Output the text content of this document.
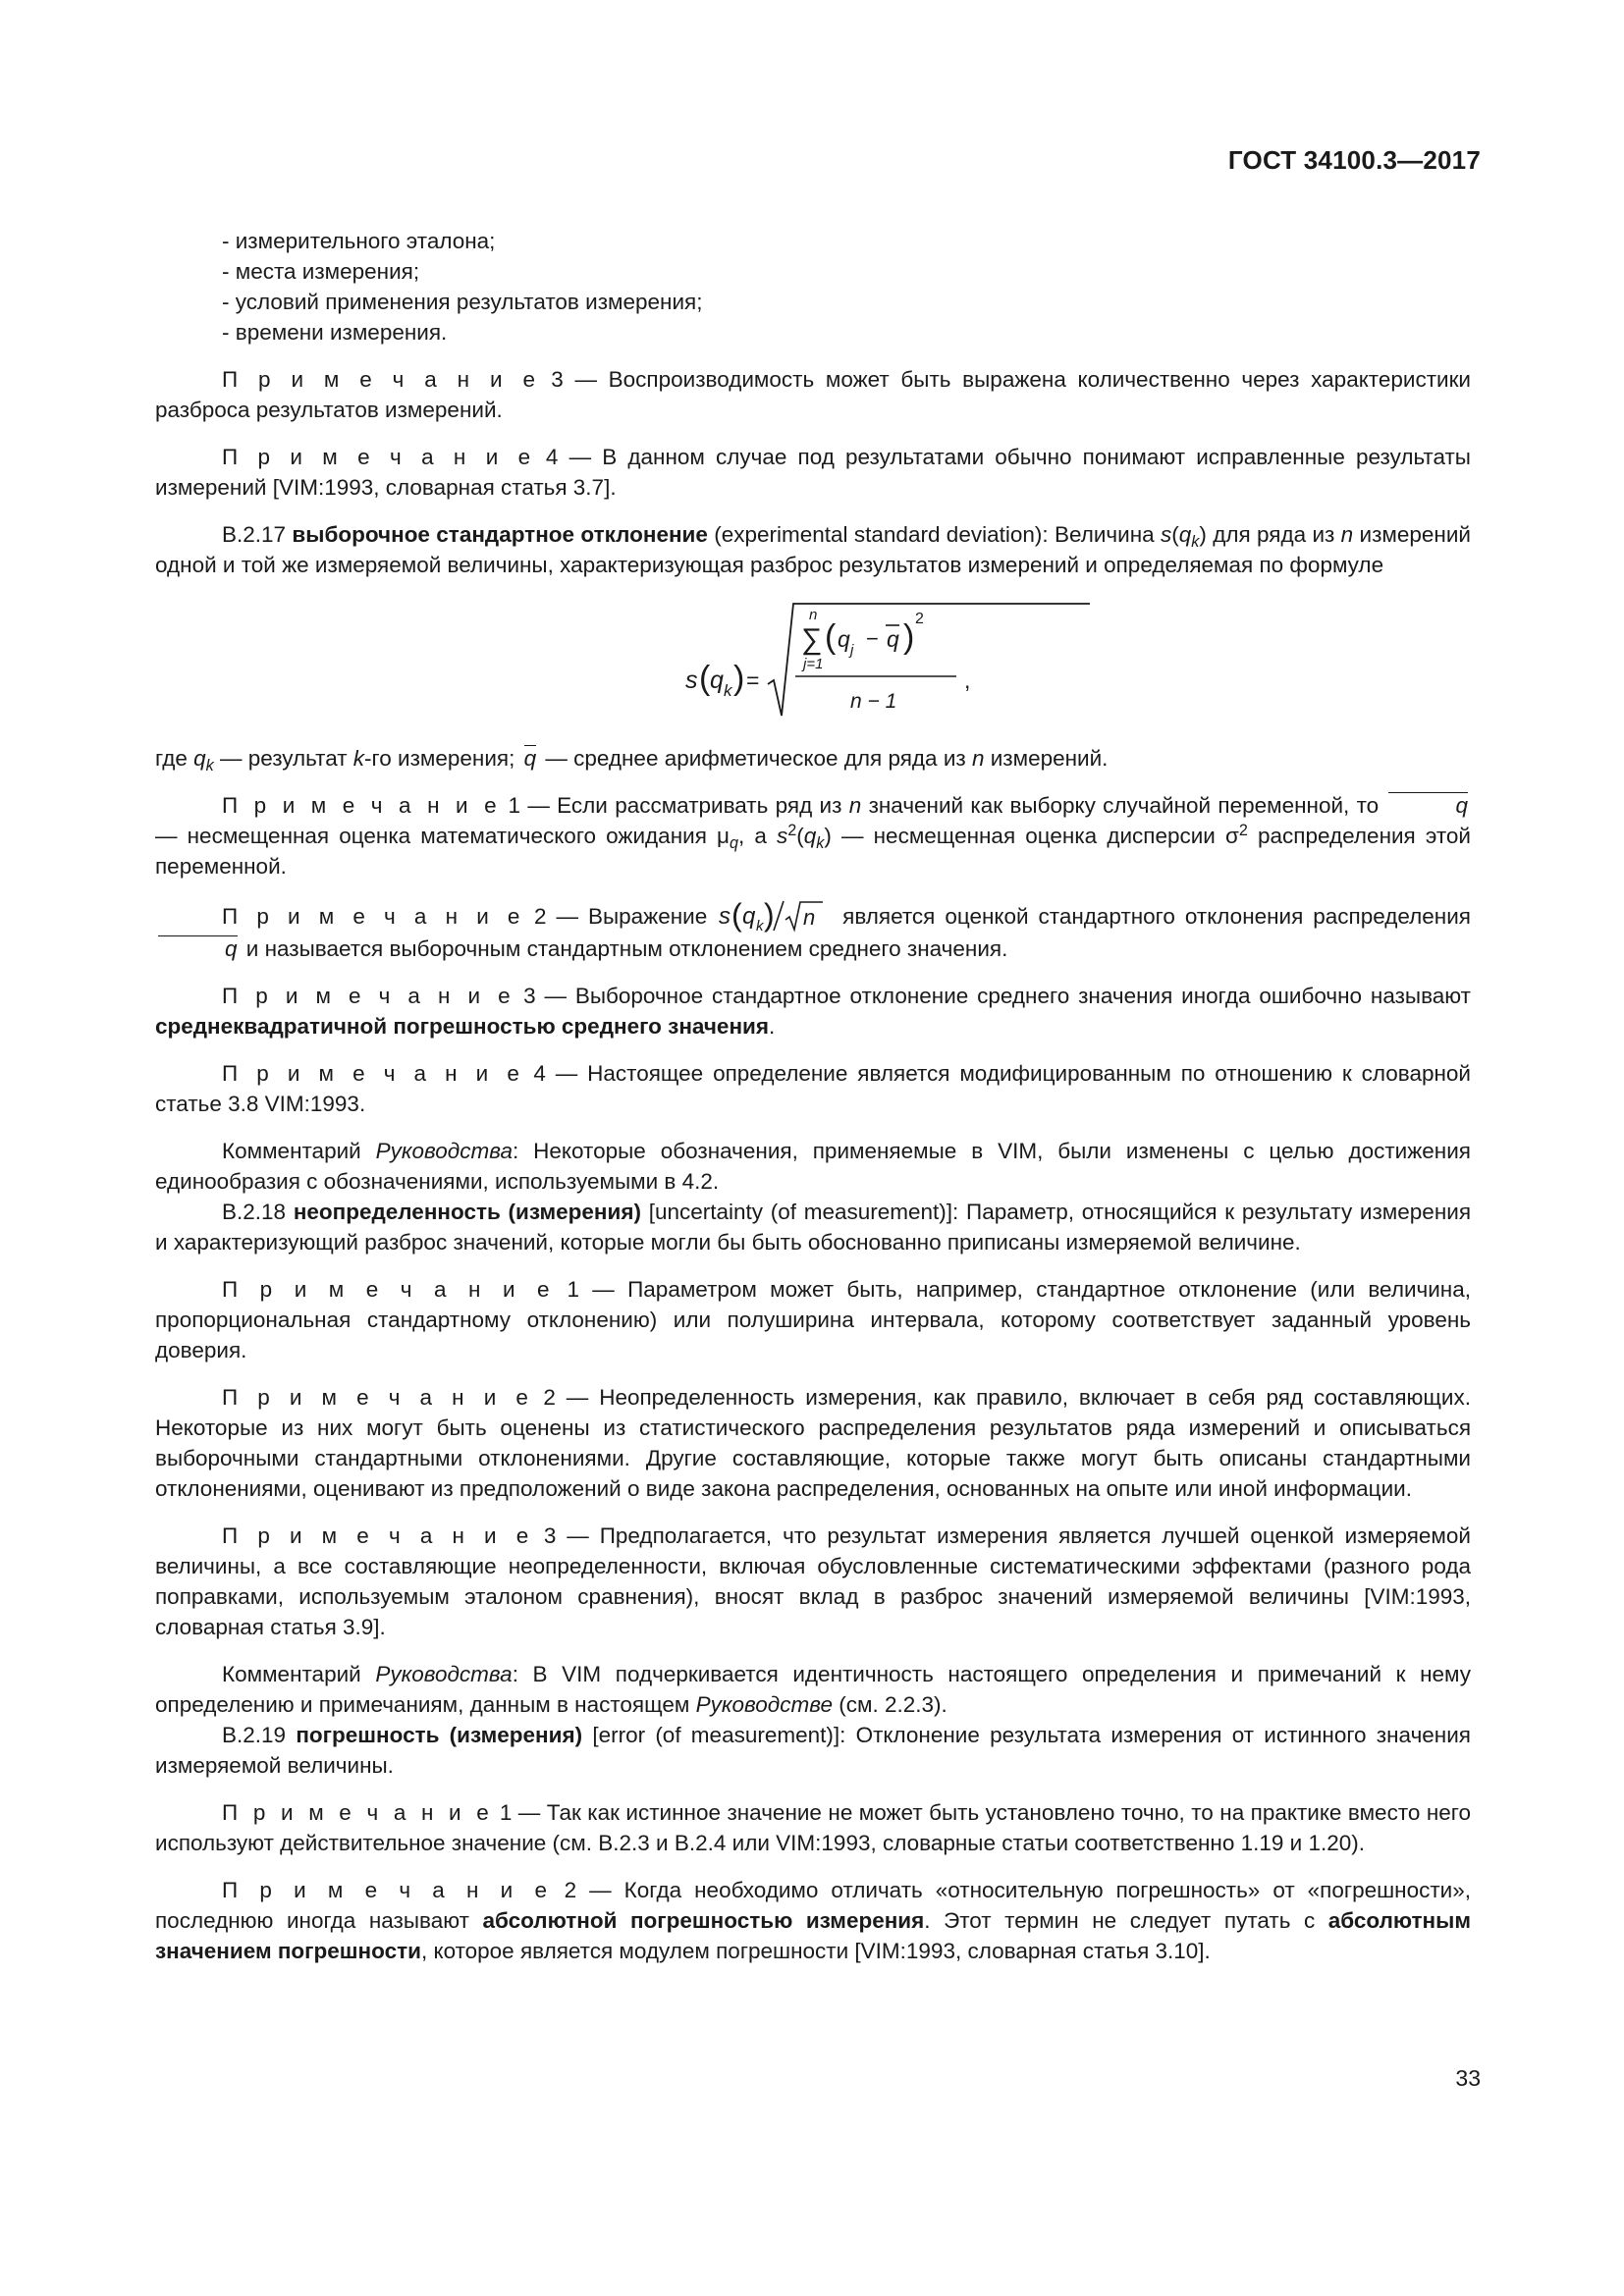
ГОСТ 34100.3—2017

- измерительного эталона;

- места измерения;

- условий применения результатов измерения;

- времени измерения.

П р и м е ч а н и е 3 — Воспроизводимость может быть выражена количественно через характеристики разброса результатов измерений.

П р и м е ч а н и е 4 — В данном случае под результатами обычно понимают исправленные результаты измерений [VIM:1993, словарная статья 3.7].

В.2.17 выборочное стандартное отклонение (experimental standard deviation): Величина $s(q_k)$ для ряда из n измерений одной и той же измеряемой величины, характеризующая разброс результатов измерений и определяемая по формуле

s ( q k ) =
n
∑
j=1
( q j − q ) 2
n − 1
,

где $q_k$ — результат k-го измерения; q — среднее арифметическое для ряда из n измерений.

П р и м е ч а н и е 1 — Если рассматривать ряд из n значений как выборку случайной переменной, то	q — несмещенная оценка математического ожидания $\mu_q$, а $s^2(q_k)$ — несмещенная оценка дисперсии $\sigma^2$ распределения этой переменной.

П р и м е ч а н и е 2 — Выражение s ( q k ) n является оценкой стандартного отклонения распределения q и называется выборочным стандартным отклонением среднего значения.

П р и м е ч а н и е 3 — Выборочное стандартное отклонение среднего значения иногда ошибочно называют среднеквадратичной погрешностью среднего значения.

П р и м е ч а н и е 4 — Настоящее определение является модифицированным по отношению к словарной статье 3.8 VIM:1993.

Комментарий Руководства: Некоторые обозначения, применяемые в VIM, были изменены с целью достижения единообразия с обозначениями, используемыми в 4.2.

В.2.18 неопределенность (измерения) [uncertainty (of measurement)]: Параметр, относящийся к результату измерения и характеризующий разброс значений, которые могли бы быть обоснованно приписаны измеряемой величине.

П р и м е ч а н и е 1 — Параметром может быть, например, стандартное отклонение (или величина, пропорциональная стандартному отклонению) или полуширина интервала, которому соответствует заданный уровень доверия.

П р и м е ч а н и е 2 — Неопределенность измерения, как правило, включает в себя ряд составляющих. Некоторые из них могут быть оценены из статистического распределения результатов ряда измерений и описываться выборочными стандартными отклонениями. Другие составляющие, которые также могут быть описаны стандартными отклонениями, оценивают из предположений о виде закона распределения, основанных на опыте или иной информации.

П р и м е ч а н и е 3 — Предполагается, что результат измерения является лучшей оценкой измеряемой величины, а все составляющие неопределенности, включая обусловленные систематическими эффектами (разного рода поправками, используемым эталоном сравнения), вносят вклад в разброс значений измеряемой величины [VIM:1993, словарная статья 3.9].

Комментарий Руководства: В VIM подчеркивается идентичность настоящего определения и примечаний к нему определению и примечаниям, данным в настоящем Руководстве (см. 2.2.3).

В.2.19 погрешность (измерения) [error (of measurement)]: Отклонение результата измерения от истинного значения измеряемой величины.

П р и м е ч а н и е 1 — Так как истинное значение не может быть установлено точно, то на практике вместо него используют действительное значение (см. В.2.3 и В.2.4 или VIM:1993, словарные статьи соответственно 1.19 и 1.20).

П р и м е ч а н и е 2 — Когда необходимо отличать «относительную погрешность» от «погрешности», последнюю иногда называют абсолютной погрешностью измерения. Этот термин не следует путать с абсолютным значением погрешности, которое является модулем погрешности [VIM:1993, словарная статья 3.10].

33
